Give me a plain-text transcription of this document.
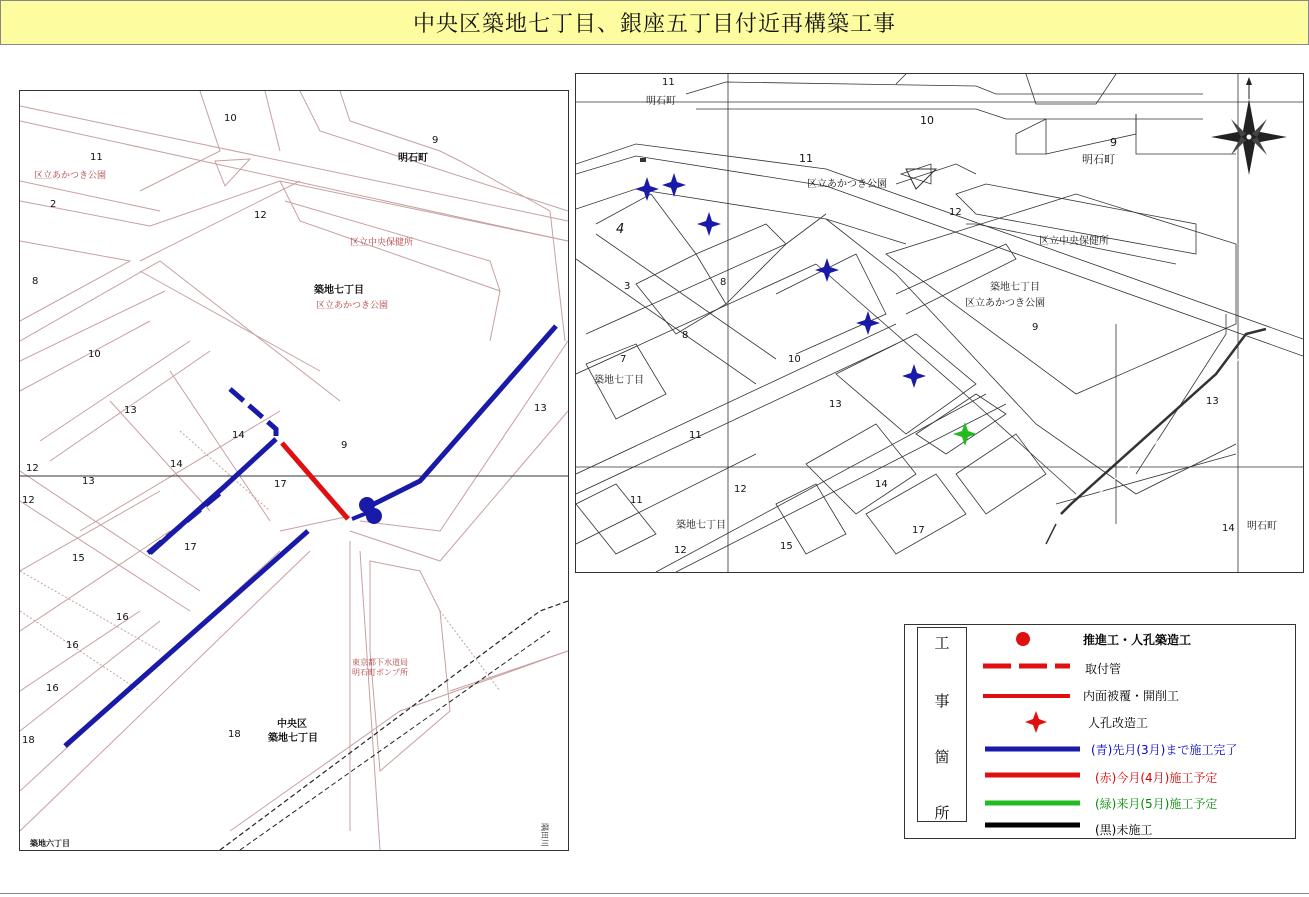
中央区築地七丁目、銀座五丁目付近再構築工事
10
9
明石町
11
区立あかつき公園
2
12
区立中央保健所
8
築地七丁目
区立あかつき公園
10
13	13
14
9
12	14
13	17
12
17
15
16
16
16
東京都下水道局
明石町ポンプ所
中央区
18	築地七丁目
18
築地六丁目	隅田川
11
明石町
10
9
明石町
11
区立あかつき公園
12
区立中央保健所
4
3	8	築地七丁目
区立あかつき公園
8
9
7
築地七丁目
10
13	13
11
11
12	14
築地七丁目	17
12	15
14 明石町
工
事
箇
所
推進工・人孔築造工
取付管
内面被覆・開削工
人孔改造工
(青)先月(3月)まで施工完了
(赤)今月(4月)施工予定
(緑)来月(5月)施工予定
(黒)未施工
